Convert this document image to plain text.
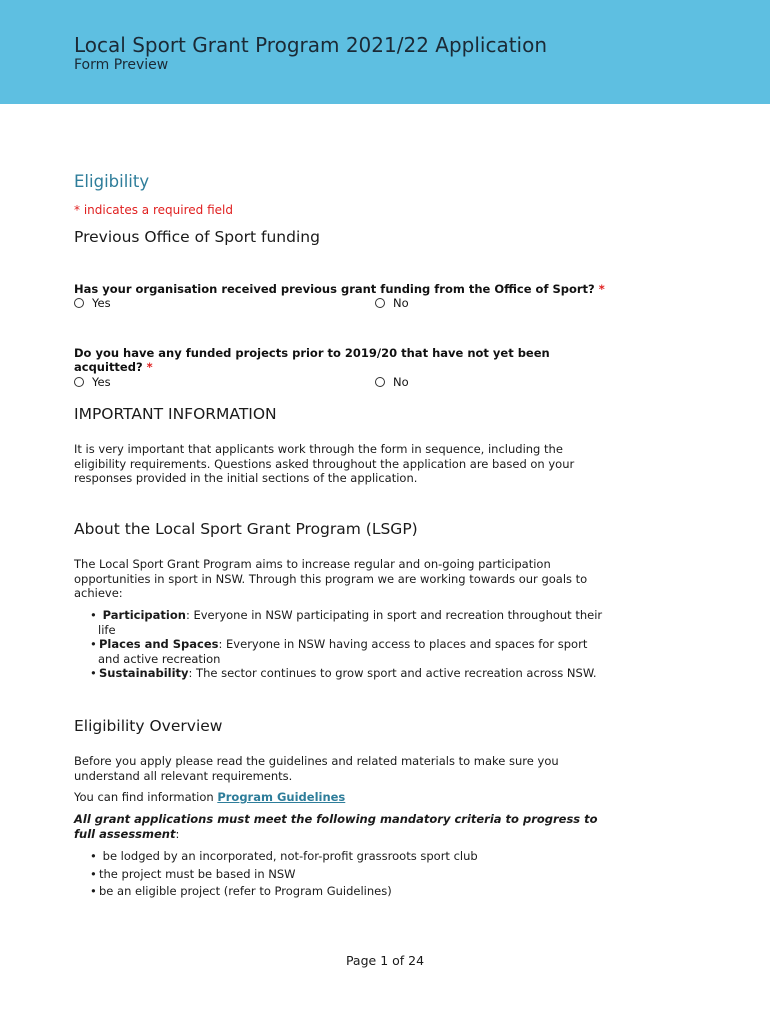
Local Sport Grant Program 2021/22 Application
Form Preview
Eligibility
* indicates a required field
Previous Office of Sport funding
Has your organisation received previous grant funding from the Office of Sport? *
Yes	No
Do you have any funded projects prior to 2019/20 that have not yet been
acquitted? *
Yes	No
IMPORTANT INFORMATION
It is very important that applicants work through the form in sequence, including the
eligibility requirements. Questions asked throughout the application are based on your
responses provided in the initial sections of the application.
About the Local Sport Grant Program (LSGP)
The Local Sport Grant Program aims to increase regular and on-going participation
opportunities in sport in NSW. Through this program we are working towards our goals to
achieve:
• Participation: Everyone in NSW participating in sport and recreation throughout their
life
• Places and Spaces: Everyone in NSW having access to places and spaces for sport
and active recreation
• Sustainability: The sector continues to grow sport and active recreation across NSW.
Eligibility Overview
Before you apply please read the guidelines and related materials to make sure you
understand all relevant requirements.
You can find information Program Guidelines
All grant applications must meet the following mandatory criteria to progress to
full assessment:
• be lodged by an incorporated, not-for-profit grassroots sport club
• the project must be based in NSW
• be an eligible project (refer to Program Guidelines)
Page 1 of 24
